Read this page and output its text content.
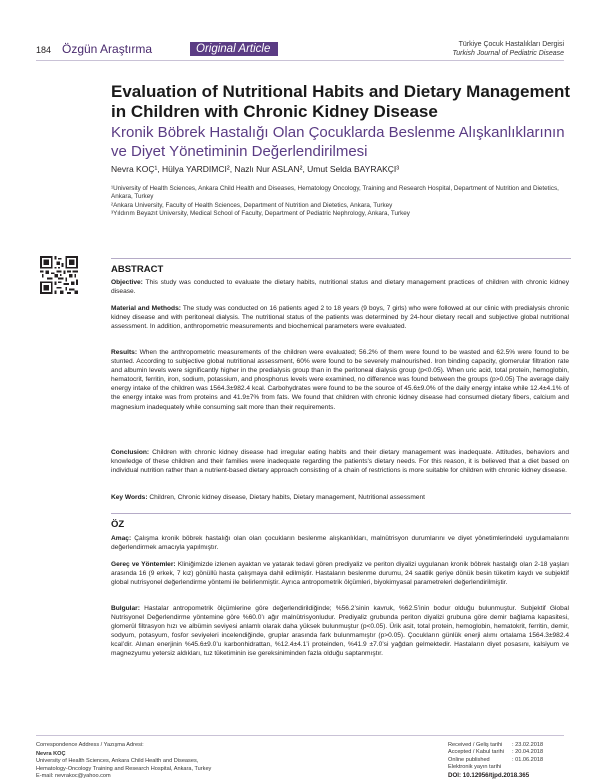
184 Özgün Araştırma	Original Article	Türkiye Çocuk Hastalıkları Dergisi
Turkish Journal of Pediatric Disease
Evaluation of Nutritional Habits and Dietary Management in Children with Chronic Kidney Disease
Kronik Böbrek Hastalığı Olan Çocuklarda Beslenme Alışkanlıklarının ve Diyet Yönetiminin Değerlendirilmesi
Nevra KOÇ¹, Hülya YARDIMCI², Nazlı Nur ASLAN², Umut Selda BAYRAKÇI³
¹University of Health Sciences, Ankara Child Health and Diseases, Hematology Oncology, Training and Research Hospital, Department of Nutrition and Dietetics, Ankara, Turkey
²Ankara University, Faculty of Health Sciences, Department of Nutrition and Dietetics, Ankara, Turkey
³Yıldırım Beyazıt University, Medical School of Faculty, Department of Pediatric Nephrology, Ankara, Turkey
ABSTRACT
Objective: This study was conducted to evaluate the dietary habits, nutritional status and dietary management practices of children with chronic kidney disease.
Material and Methods: The study was conducted on 16 patients aged 2 to 18 years (9 boys, 7 girls) who were followed at our clinic with predialysis chronic kidney disease and with peritoneal dialysis. The nutritional status of the patients was determined by 24-hour dietary recall and subjective global nutritional assessment. In addition, anthropometric measurements and biochemical parameters were evaluated.
Results: When the anthropometric measurements of the children were evaluated; 56.2% of them were found to be wasted and 62.5% were found to be stunted. According to subjective global nutritional assessment, 60% were found to be severely malnourished. Iron binding capacity, glomerular filtration rate and albumin levels were significantly higher in the predialysis group than in the peritoneal dialysis group (p<0.05). When uric acid, total protein, hemoglobin, hematocrit, ferritin, iron, sodium, potassium, and phosphorus levels were examined, no difference was found between the groups (p>0.05) The average daily energy intake of the children was 1564.3±982.4 kcal. Carbohydrates were found to be the source of 45.6±9.0% of the daily energy intake while 12.4±4.1% of the energy intake was from proteins and 41.9±7% from fats. We found that children with chronic kidney disease had consumed dietary fibers, calcium and magnesium inadequately while consuming salt more than their requirements.
Conclusion: Children with chronic kidney disease had irregular eating habits and their dietary management was inadequate. Attitudes, behaviors and knowledge of these children and their families were inadequate regarding the patients's dietary needs. For this reason, it is believed that a diet based on individual nutrition rather than a nutrient-based dietary approach consisting of a chain of restrictions is more suitable for children with chronic kidney disease.
Key Words: Children, Chronic kidney disease, Dietary habits, Dietary management, Nutritional assessment
ÖZ
Amaç: Çalışma kronik böbrek hastalığı olan olan çocukların beslenme alışkanlıkları, malnütrisyon durumlarını ve diyet yönetimlerindeki uygulamalarını değerlendirmek amacıyla yapılmıştır.
Gereç ve Yöntemler: Kliniğimizde izlenen ayaktan ve yatarak tedavi gören prediyaliz ve periton diyalizi uygulanan kronik böbrek hastalığı olan 2-18 yaşları arasında 16 (9 erkek, 7 kız) gönüllü hasta çalışmaya dahil edilmiştir. Hastaların beslenme durumu, 24 saatlik geriye dönük besin tüketim kaydı ve subjektif global nutrisyonel değerlendirme yöntemi ile belirlenmiştir. Ayrıca antropometrik ölçümleri, biyokimyasal parametreleri değerlendirilmiştir.
Bulgular: Hastalar antropometrik ölçümlerine göre değerlendirildiğinde; %56.2’sinin kavruk, %62.5’inin bodur olduğu bulunmuştur. Subjektif Global Nutrisyonel Değerlendirme yöntemine göre %60.0’ı ağır malnütrisyonludur. Prediyaliz grubunda periton diyalizi grubuna göre demir bağlama kapasitesi, glomerül filtrasyon hızı ve albümin seviyesi anlamlı olarak daha yüksek bulunmuştur (p<0.05). Ürik asit, total protein, hemoglobin, hematokrit, ferritin, demir, sodyum, potasyum, fosfor seviyeleri incelendiğinde, gruplar arasında fark bulunmamıştır (p>0.05). Çocukların günlük enerji alımı ortalama 1564.3±982.4 kcal’dir. Alınan enerjinin %45.6±9.0’u karbonhidrattan, %12.4±4.1’i proteinden, %41.9 ±7.0’si yağdan gelmektedir. Hastaların diyet posasını, kalsiyum ve magnezyumu yetersiz aldıkları, tuz tüketiminin ise gereksiniminden fazla olduğu saptanmıştır.
Correspondence Address / Yazışma Adresi:
Nevra KOÇ
University of Health Sciences, Ankara Child Health and Diseases,
Hematology-Oncology Training and Research Hospital, Ankara, Turkey
E-mail: nevrakoc@yahoo.com
Received / Geliş tarihi	: 23.02.2018
Accepted / Kabul tarihi	: 20.04.2018
Online published	: 01.06.2018
Elektronik yayın tarihi
DOI: 10.12956/tjpd.2018.365
